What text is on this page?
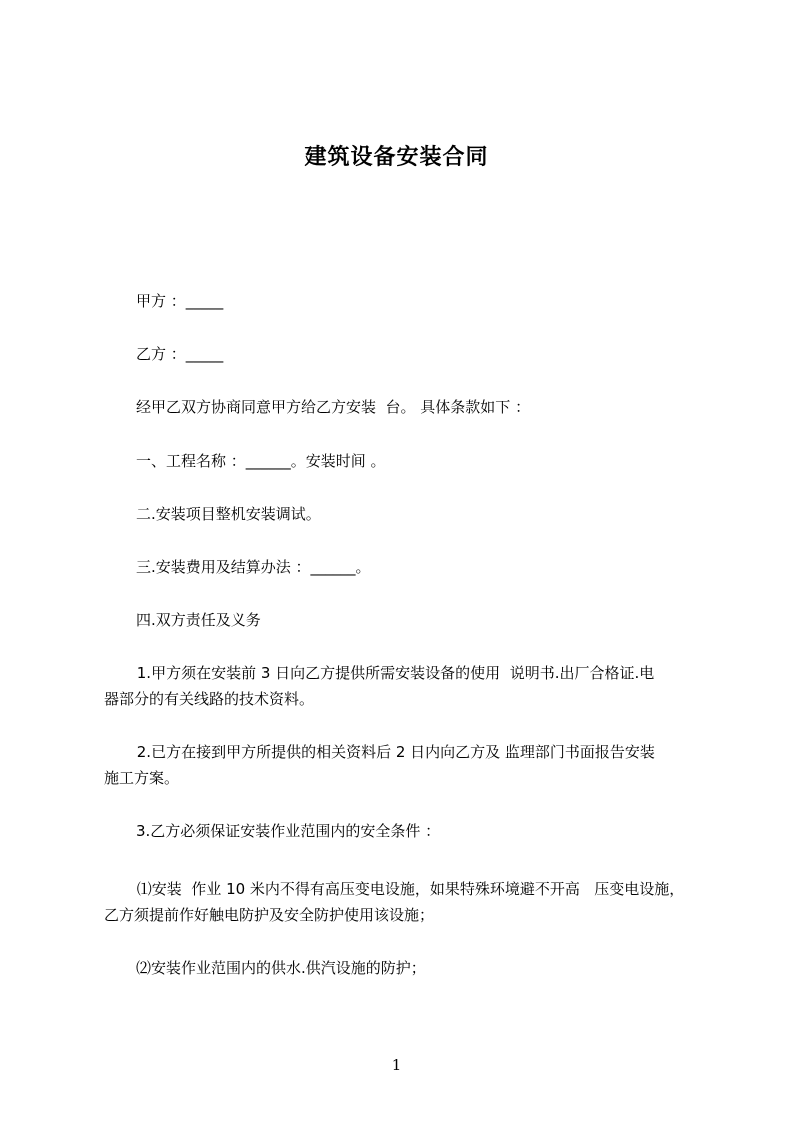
建筑设备安装合同
甲方 ：_____
乙方 ：_____
经甲乙双方协商同意甲方给乙方安装  台。 具体条款如下 ：
一、工程名称 ：______。安装时间 。
二.安装项目整机安装调试。
三.安装费用及结算办法 ：______。
四.双方责任及义务
1.甲方须在安装前 3 日向乙方提供所需安装设备的使用  说明书.出厂合格证.电
器部分的有关线路的技术资料。
2.已方在接到甲方所提供的相关资料后 2 日内向乙方及 监理部门书面报告安装
施工方案。
3.乙方必须保证安装作业范围内的安全条件 ：
⑴安装  作业 10 米内不得有高压变电设施，如果特殊环境避不开高   压变电设施，
乙方须提前作好触电防护及安全防护使用该设施；
⑵安装作业范围内的供水.供汽设施的防护；
1
